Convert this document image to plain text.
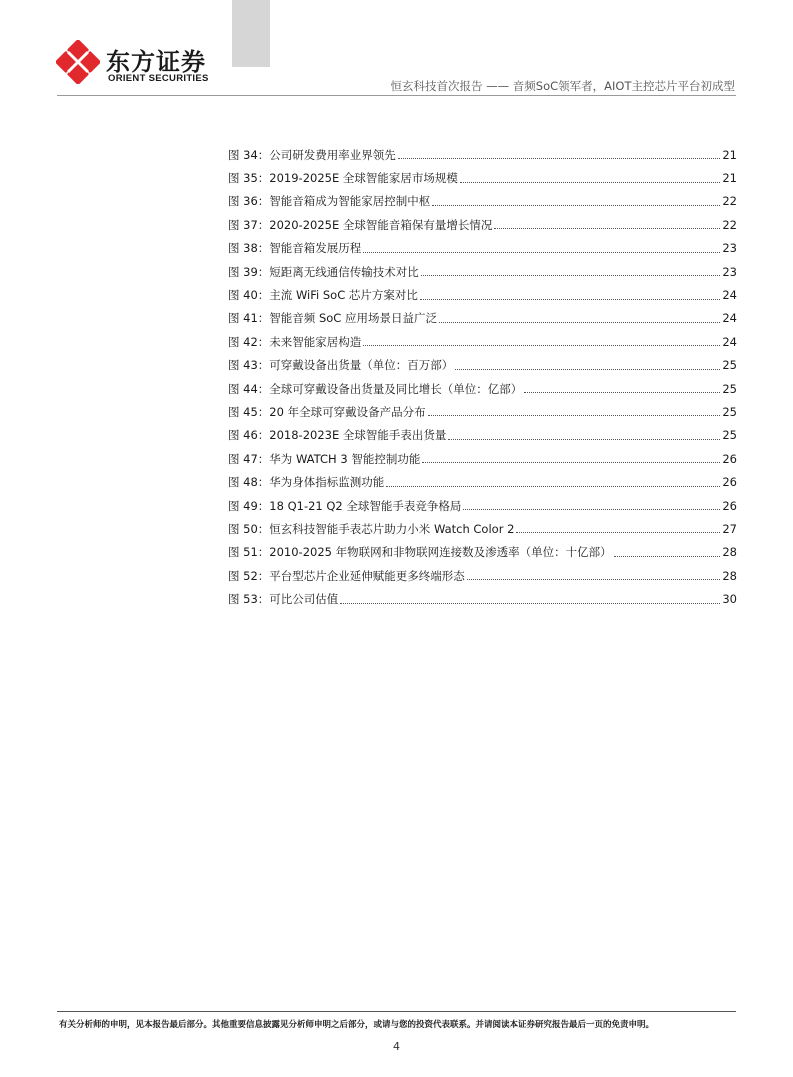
东方证券
ORIENT SECURITIES
恒玄科技首次报告 —— 音频SoC领军者，AIOT主控芯片平台初成型
图 34：公司研发费用率业界领先	21
图 35：2019-2025E 全球智能家居市场规模	21
图 36：智能音箱成为智能家居控制中枢	22
图 37：2020-2025E 全球智能音箱保有量增长情况	22
图 38：智能音箱发展历程	23
图 39：短距离无线通信传输技术对比	23
图 40：主流 WiFi SoC 芯片方案对比	24
图 41：智能音频 SoC 应用场景日益广泛	24
图 42：未来智能家居构造	24
图 43：可穿戴设备出货量（单位：百万部）	25
图 44：全球可穿戴设备出货量及同比增长（单位：亿部）	25
图 45：20 年全球可穿戴设备产品分布	25
图 46：2018-2023E 全球智能手表出货量	25
图 47：华为 WATCH 3 智能控制功能	26
图 48：华为身体指标监测功能	26
图 49：18 Q1-21 Q2 全球智能手表竞争格局	26
图 50：恒玄科技智能手表芯片助力小米 Watch Color 2	27
图 51：2010-2025 年物联网和非物联网连接数及渗透率（单位：十亿部）	28
图 52：平台型芯片企业延伸赋能更多终端形态	28
图 53：可比公司估值	30
有关分析师的申明，见本报告最后部分。其他重要信息披露见分析师申明之后部分，或请与您的投资代表联系。并请阅读本证券研究报告最后一页的免责申明。
4
